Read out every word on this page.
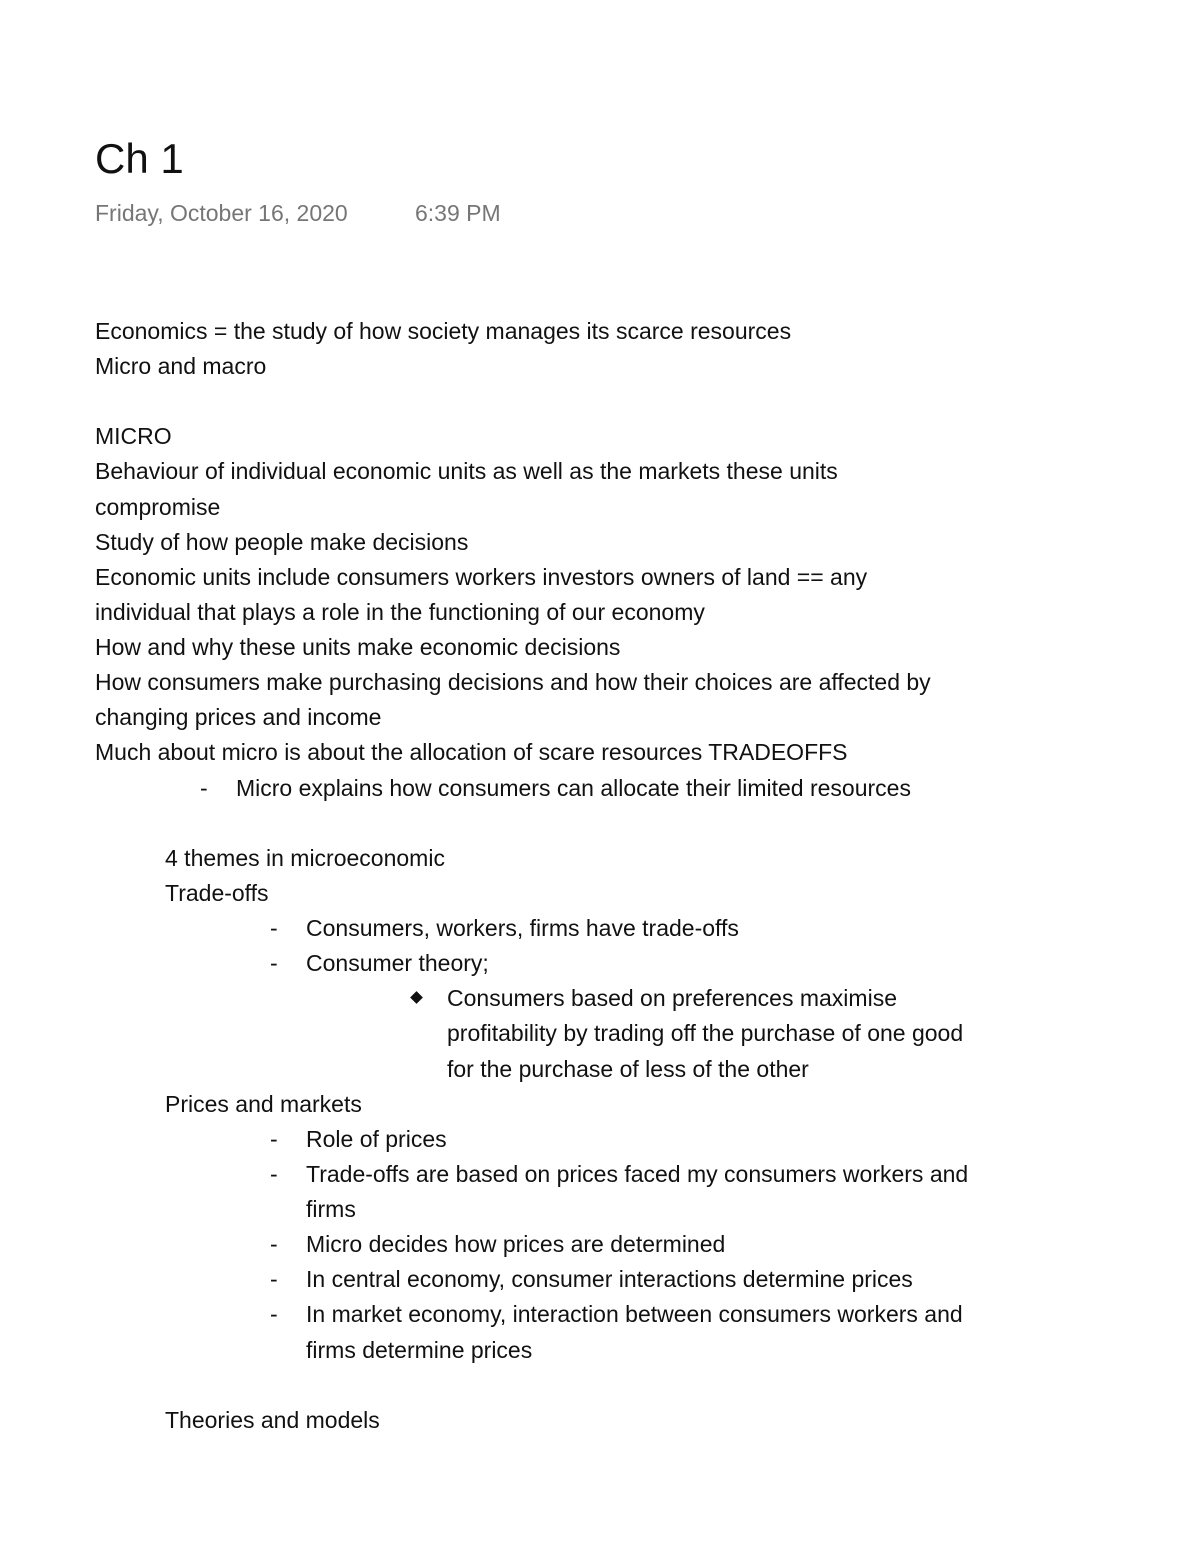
Ch 1
Friday, October 16, 2020	6:39 PM
Economics = the study of how society manages its scarce resources
Micro and macro
MICRO
Behaviour of individual economic units as well as the markets these units
compromise
Study of how people make decisions
Economic units include consumers workers investors owners of land == any
individual that plays a role in the functioning of our economy
How and why these units make economic decisions
How consumers make purchasing decisions and how their choices are affected by
changing prices and income
Much about micro is about the allocation of scare resources TRADEOFFS
- Micro explains how consumers can allocate their limited resources
4 themes in microeconomic
Trade-offs
- Consumers, workers, firms have trade-offs
- Consumer theory;
Consumers based on preferences maximise
profitability by trading off the purchase of one good
for the purchase of less of the other
Prices and markets
- Role of prices
- Trade-offs are based on prices faced my consumers workers and
firms
- Micro decides how prices are determined
- In central economy, consumer interactions determine prices
- In market economy, interaction between consumers workers and
firms determine prices
Theories and models
